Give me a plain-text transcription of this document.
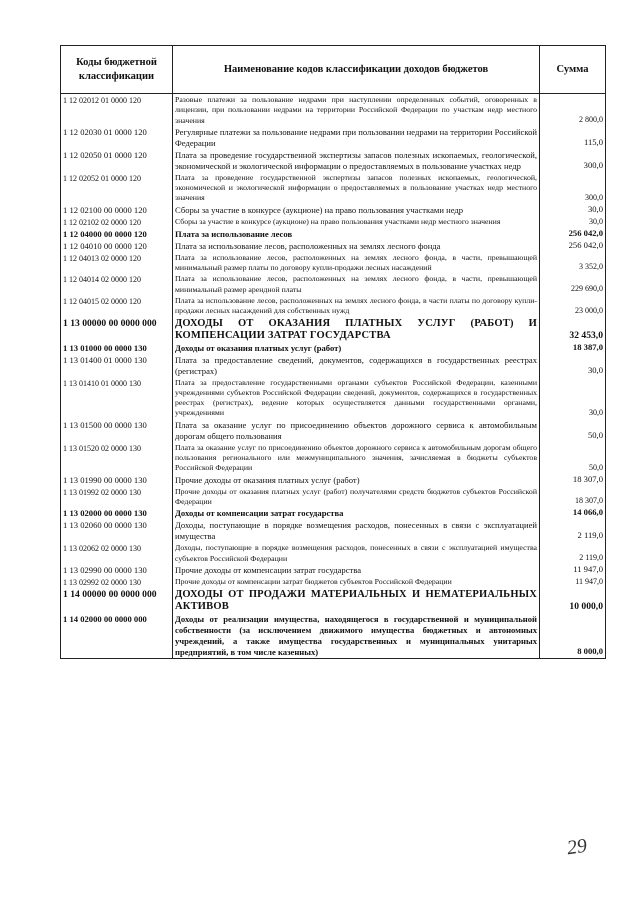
Коды бюджетной классификации	Наименование кодов классификации доходов бюджетов	Сумма
1 12 02012 01 0000 120	Разовые платежи за пользование недрами при наступлении определенных событий, оговоренных в лицензии, при пользовании недрами на территории Российской Федерации по участкам недр местного значения	2 800,0
1 12 02030 01 0000 120	Регулярные платежи за пользование недрами при пользовании недрами на территории Российской Федерации	115,0
1 12 02050 01 0000 120	Плата за проведение государственной экспертизы запасов полезных ископаемых, геологической, экономической и экологической информации о предоставляемых в пользование участках недр	300,0
1 12 02052 01 0000 120	Плата за проведение государственной экспертизы запасов полезных ископаемых, геологической, экономической и экологической информации о предоставляемых в пользование участках недр местного значения	300,0
1 12 02100 00 0000 120	Сборы за участие в конкурсе (аукционе) на право пользования участками недр	30,0
1 12 02102 02 0000 120	Сборы за участие в конкурсе (аукционе) на право пользования участками недр местного значения	30,0
1 12 04000 00 0000 120	Плата за использование лесов	256 042,0
1 12 04010 00 0000 120	Плата за использование лесов, расположенных на землях лесного фонда	256 042,0
1 12 04013 02 0000 120	Плата за использование лесов, расположенных на землях лесного фонда, в части, превышающей минимальный размер платы по договору купли-продажи лесных насаждений	3 352,0
1 12 04014 02 0000 120	Плата за использование лесов, расположенных на землях лесного фонда, в части, превышающей минимальный размер арендной платы	229 690,0
1 12 04015 02 0000 120	Плата за использование лесов, расположенных на землях лесного фонда, в части платы по договору купли-продажи лесных насаждений для собственных нужд	23 000,0
1 13 00000 00 0000 000	ДОХОДЫ ОТ ОКАЗАНИЯ ПЛАТНЫХ УСЛУГ (РАБОТ) И КОМПЕНСАЦИИ ЗАТРАТ ГОСУДАРСТВА	32 453,0
1 13 01000 00 0000 130	Доходы от оказания платных услуг (работ)	18 387,0
1 13 01400 01 0000 130	Плата за предоставление сведений, документов, содержащихся в государственных реестрах (регистрах)	30,0
1 13 01410 01 0000 130	Плата за предоставление государственными органами субъектов Российской Федерации, казенными учреждениями субъектов Российской Федерации сведений, документов, содержащихся в государственных реестрах (регистрах), ведение которых осуществляется данными государственными органами, учреждениями	30,0
1 13 01500 00 0000 130	Плата за оказание услуг по присоединению объектов дорожного сервиса к автомобильным дорогам общего пользования	50,0
1 13 01520 02 0000 130	Плата за оказание услуг по присоединению объектов дорожного сервиса к автомобильным дорогам общего пользования регионального или межмуниципального значения, зачисляемая в бюджеты субъектов Российской Федерации	50,0
1 13 01990 00 0000 130	Прочие доходы от оказания платных услуг (работ)	18 307,0
1 13 01992 02 0000 130	Прочие доходы от оказания платных услуг (работ) получателями средств бюджетов субъектов Российской Федерации	18 307,0
1 13 02000 00 0000 130	Доходы от компенсации затрат государства	14 066,0
1 13 02060 00 0000 130	Доходы, поступающие в порядке возмещения расходов, понесенных в связи с эксплуатацией имущества	2 119,0
1 13 02062 02 0000 130	Доходы, поступающие в порядке возмещения расходов, понесенных в связи с эксплуатацией имущества субъектов Российской Федерации	2 119,0
1 13 02990 00 0000 130	Прочие доходы от компенсации затрат государства	11 947,0
1 13 02992 02 0000 130	Прочие доходы от компенсации затрат бюджетов субъектов Российской Федерации	11 947,0
1 14 00000 00 0000 000	ДОХОДЫ ОТ ПРОДАЖИ МАТЕРИАЛЬНЫХ И НЕМАТЕРИАЛЬНЫХ АКТИВОВ	10 000,0
1 14 02000 00 0000 000	Доходы от реализации имущества, находящегося в государственной и муниципальной собственности (за исключением движимого имущества бюджетных и автономных учреждений, а также имущества государственных и муниципальных унитарных предприятий, в том числе казенных)	8 000,0
29
